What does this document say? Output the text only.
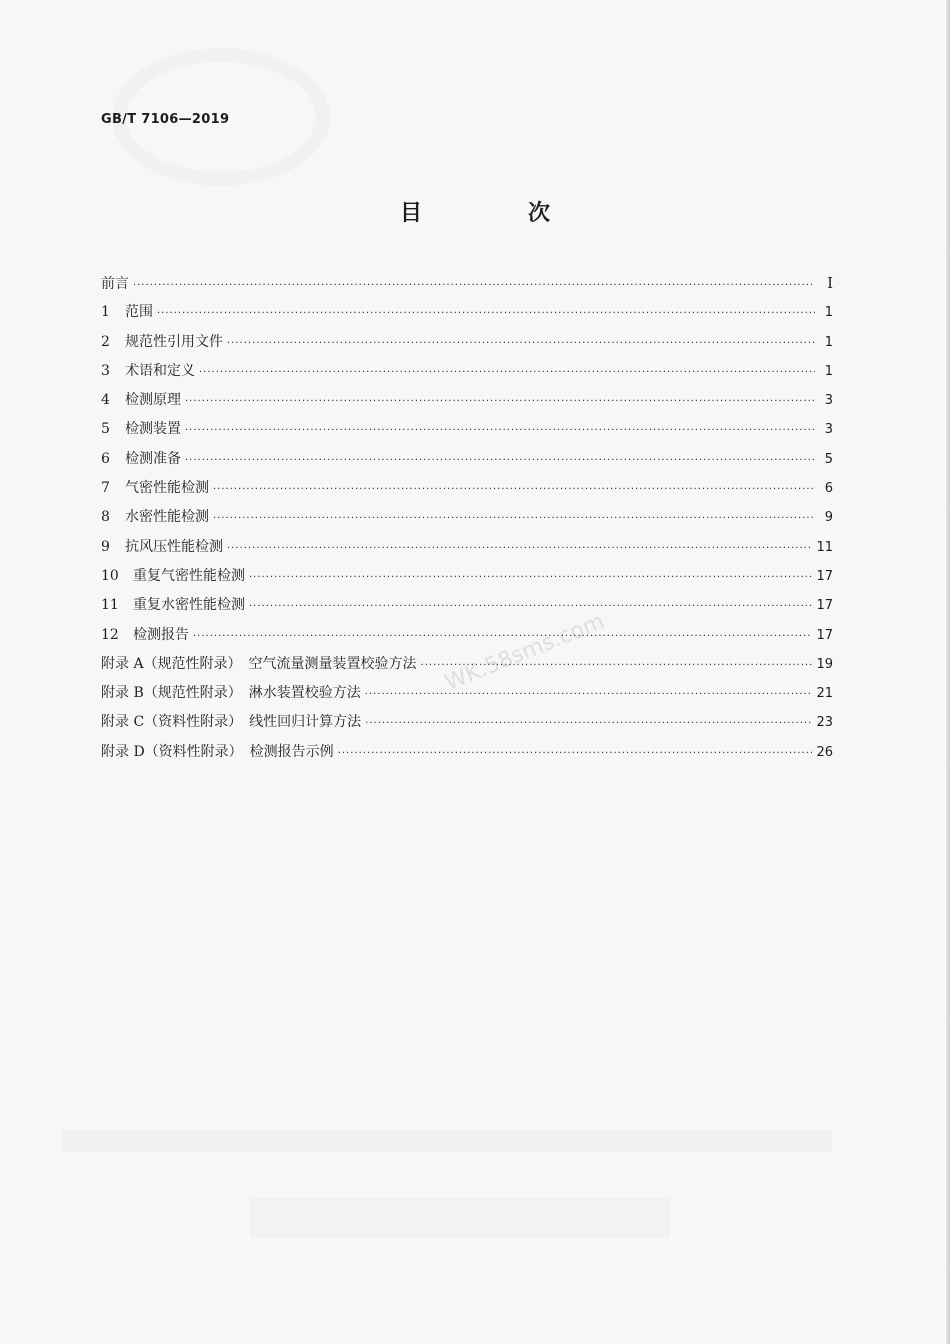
GB/T 7106—2019
目　次
前言 ·····	Ⅰ
1 范围 ·····	1
2 规范性引用文件 ·····	1
3 术语和定义 ·····	1
4 检测原理 ·····	3
5 检测装置 ·····	3
6 检测准备 ·····	5
7 气密性能检测 ·····	6
8 水密性能检测 ·····	9
9 抗风压性能检测 ·····	11
10 重复气密性能检测 ·····	17
11 重复水密性能检测 ·····	17
12 检测报告 ·····	17
附录 A（规范性附录）　空气流量测量装置校验方法 ·····	19
附录 B（规范性附录）　淋水装置校验方法 ·····	21
附录 C（资料性附录）　线性回归计算方法 ·····	23
附录 D（资料性附录）　检测报告示例 ·····	26
WK.58sms.com
